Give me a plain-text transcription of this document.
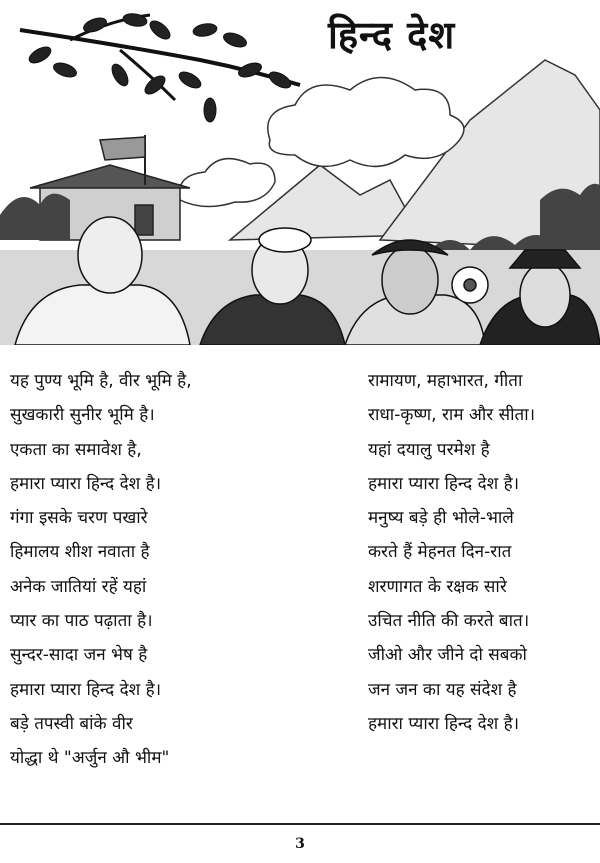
हिन्द देश
यह पुण्य भूमि है, वीर भूमि है,
सुखकारी सुनीर भूमि है।
एकता का समावेश है,
हमारा प्यारा हिन्द देश है।
गंगा इसके चरण पखारे
हिमालय शीश नवाता है
अनेक जातियां रहें यहां
प्यार का पाठ पढ़ाता है।
सुन्दर-सादा जन भेष है
हमारा प्यारा हिन्द देश है।
बड़े तपस्वी बांके वीर
योद्धा थे "अर्जुन औ भीम"
रामायण, महाभारत, गीता
राधा-कृष्ण, राम और सीता।
यहां दयालु परमेश है
हमारा प्यारा हिन्द देश है।
मनुष्य बड़े ही भोले-भाले
करते हैं मेहनत दिन-रात
शरणागत के रक्षक सारे
उचित नीति की करते बात।
जीओ और जीने दो सबको
जन जन का यह संदेश है
हमारा प्यारा हिन्द देश है।
3
